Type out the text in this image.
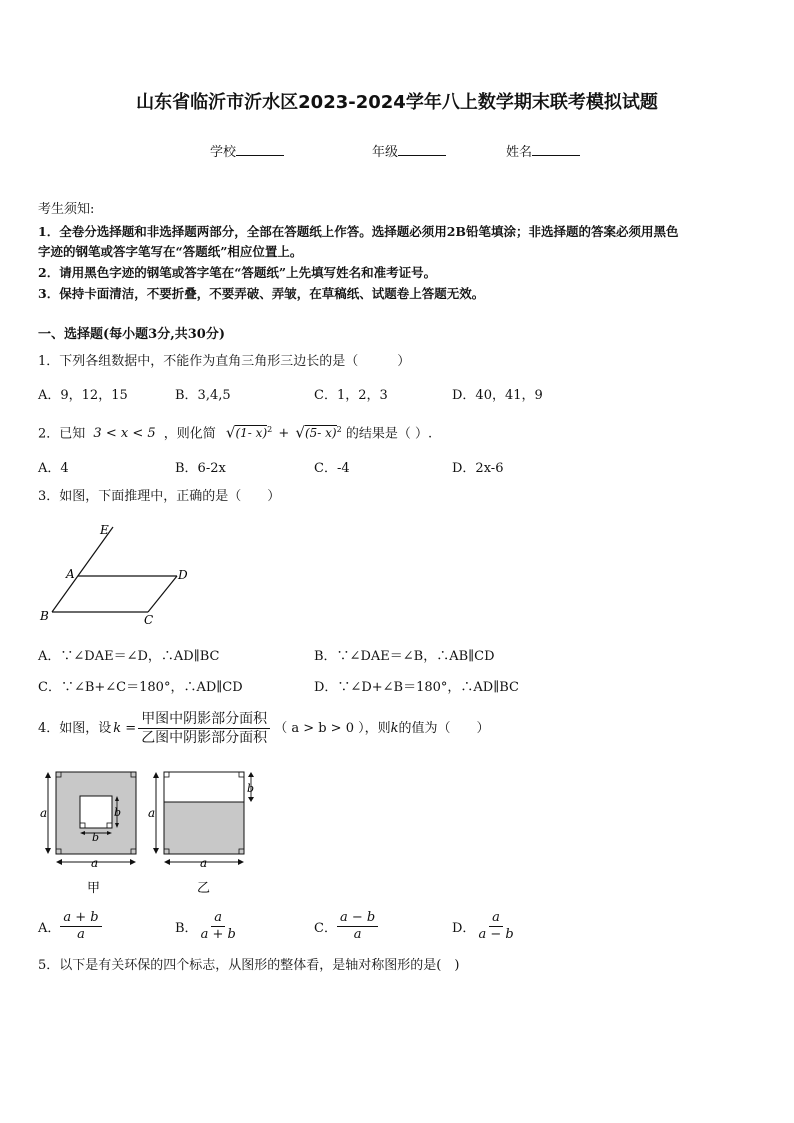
山东省临沂市沂水区2023-2024学年八上数学期末联考模拟试题
学校	年级	姓名
考生须知:
1．全卷分选择题和非选择题两部分，全部在答题纸上作答。选择题必须用2B铅笔填涂；非选择题的答案必须用黑色
字迹的钢笔或答字笔写在“答题纸”相应位置上。
2．请用黑色字迹的钢笔或答字笔在“答题纸”上先填写姓名和准考证号。
3．保持卡面清洁，不要折叠，不要弄破、弄皱，在草稿纸、试题卷上答题无效。
一、选择题(每小题3分,共30分)
1．下列各组数据中，不能作为直角三角形三边长的是（　　　）
A．9，12，15	B．3,4,5	C．1，2，3	D．40，41，9
2．已知 3 < x < 5 ，则化简 √(1- x)$^2$ + √(5- x)$^2$ 的结果是（ ）.
A．4	B．6-2x	C．-4	D．2x-6
3．如图，下面推理中，正确的是（　　）
E
A	D
B	C
A．∵∠DAE＝∠D，∴AD∥BC	B．∵∠DAE＝∠B，∴AB∥CD
C．∵∠B+∠C＝180°，∴AD∥CD	D．∵∠D+∠B＝180°，∴AD∥BC
4．如图，设 $k = \frac{\text{甲图中阴影部分面积}}{\text{乙图中阴影部分面积}}$ （ a > b > 0 ），则 k 的值为（　　）
a
a
b
b
甲
a
b
a
乙
A． $\frac{a + b}{a}$	B． $\frac{a}{a + b}$	C． $\frac{a - b}{a}$	D． $\frac{a}{a - b}$
5．以下是有关环保的四个标志，从图形的整体看，是轴对称图形的是(　)
